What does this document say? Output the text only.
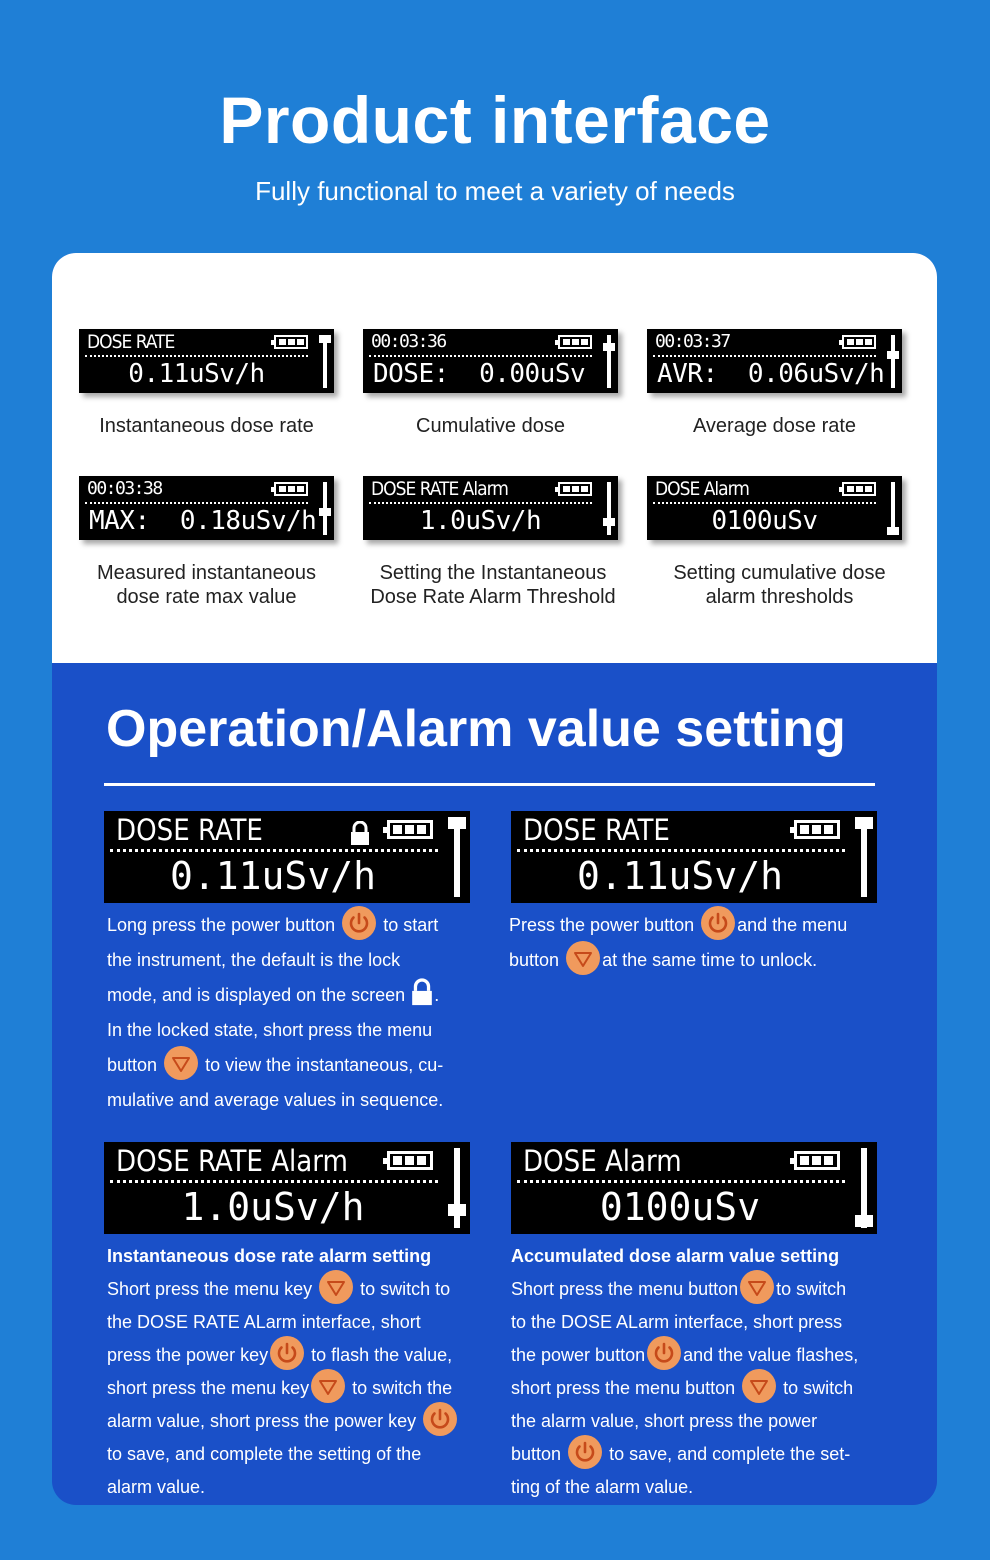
Product interface
Fully functional to meet a variety of needs
DOSE RATE
0.11uSv/h
00:03:36
DOSE:  0.00uSv
00:03:37
AVR:  0.06uSv/h
Instantaneous dose rate	Cumulative dose	Average dose rate
00:03:38
MAX:  0.18uSv/h
DOSE RATE Alarm
1.0uSv/h
DOSE Alarm
0100uSv
Measured instantaneous
dose rate max value
Setting the Instantaneous
Dose Rate Alarm Threshold
Setting cumulative dose
alarm thresholds
Operation/Alarm value setting
DOSE RATE
0.11uSv/h
Long press the power button	to start
the instrument, the default is the lock
mode, and is displayed on the screen .
In the locked state, short press the menu
button	to view the instantaneous, cu-
mulative and average values in sequence.
DOSE RATE
0.11uSv/h
Press the power button and the menu
button at the same time to unlock.
DOSE RATE Alarm
1.0uSv/h
Instantaneous dose rate alarm setting
Short press the menu key	to switch to
the DOSE RATE ALarm interface, short
press the power key to flash the value,
short press the menu key to switch the
alarm value, short press the power key
to save, and complete the setting of the
alarm value.
DOSE Alarm
0100uSv
Accumulated dose alarm value setting
Short press the menu button to switch
to the DOSE ALarm interface, short press
the power button and the value flashes,
short press the menu button	to switch
the alarm value, short press the power
button	to save, and complete the set-
ting of the alarm value.
